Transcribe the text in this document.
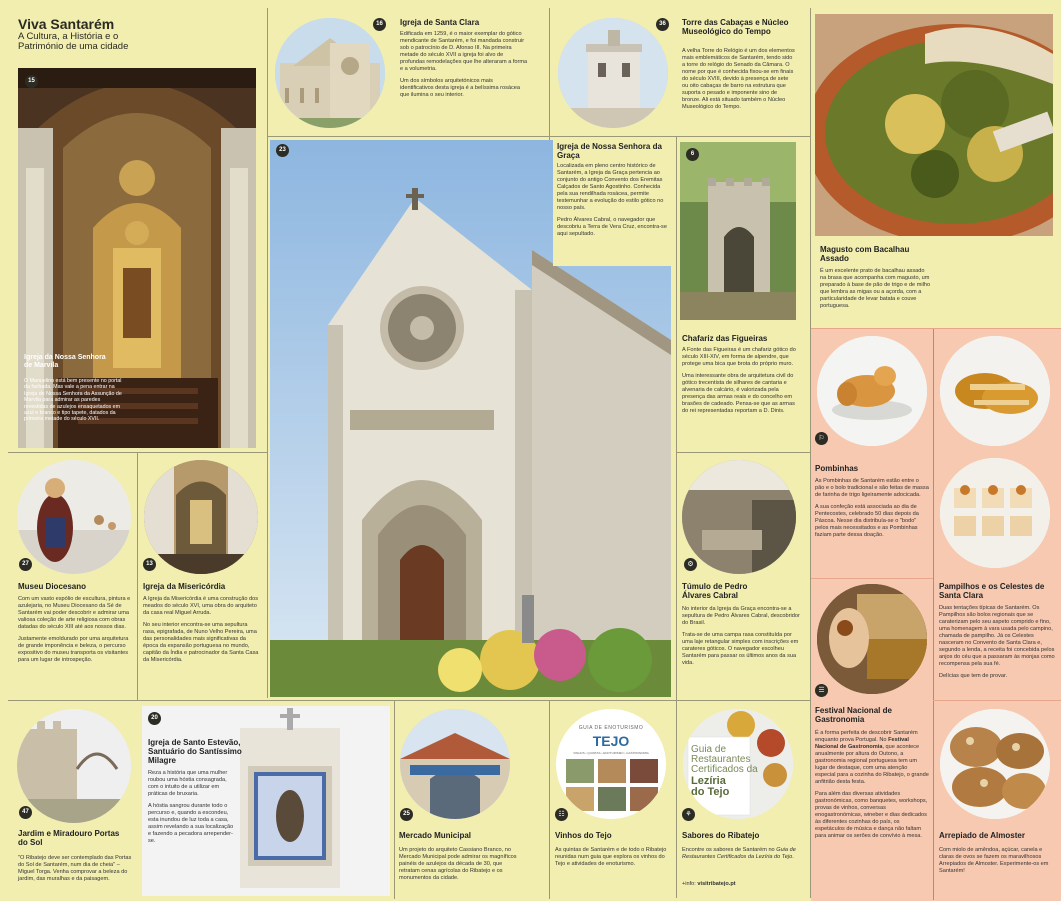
Viva Santarém
A Cultura, a História e o Património de uma cidade
15
Igreja da Nossa Senhora de Marvila
O Manuelino está bem presente no portal da fachada. Mas vale a pena entrar na Igreja de Nossa Senhora da Assunção de Marvila para admirar as paredes revestidas de azulejos enxaquetados em azul e branco e tipo tapete, datados da primeira metade do século XVII.
16	Igreja de Santa Clara

Edificada em 1259, é o maior exemplar do gótico mendicante de Santarém, e foi mandada construir sob o patrocínio de D. Afonso III. Na primeira metade do século XVII a igreja foi alvo de profundas remodelações que lhe alteraram a forma e a volumetria.

Um dos símbolos arquitetónicos mais identificativos desta igreja é a belíssima rosácea que ilumina o seu interior.

36	Torre das Cabaças e Núcleo Museológico do Tempo
A velha Torre do Relógio é um dos elementos mais emblemáticos de Santarém, tendo sido a torre do relógio do Senado da Câmara. O nome por que é conhecida fixou-se em finais do século XVIII, devido à presença de sete ou oito cabaças de barro na estrutura que suporta o pesado e imponente sino de bronze. Ali está situado também o Núcleo Museológico do Tempo.
23	Igreja de Nossa Senhora da Graça

Localizada em pleno centro histórico de Santarém, a Igreja da Graça pertencia ao conjunto do antigo Convento dos Eremitas Calçados de Santo Agostinho. Conhecida pela sua rendilhada rosácea, permite testemunhar a evolução do estilo gótico no nosso país.

Pedro Álvares Cabral, o navegador que descobriu a Terra de Vera Cruz, encontra-se aqui sepultado.

6
Chafariz das Figueiras

A Fonte das Figueiras é um chafariz gótico do século XIII-XIV, em forma de alpendre, que protege uma bica que brota do próprio muro.

Uma interessante obra de arquitetura civil do gótico trecentista de silhares de cantaria e alvenaria de calcário, é valorizada pela presença das armas reais e do concelho em brasões de cadeado. Pensa-se que as armas do rei representadas reportam a D. Dinis.

Magusto com Bacalhau Assado
É um excelente prato de bacalhau assado na brasa que acompanha com magusto, um preparado à base de pão de trigo e de milho que lembra as migas ou a açorda, com a particularidade de levar batata e couve portuguesa.
27
Museu Diocesano

Com um vasto espólio de escultura, pintura e azulejaria, no Museu Diocesano da Sé de Santarém vai poder descobrir e admirar uma valiosa coleção de arte religiosa com obras datadas do século XIII até aos nossos dias.

Justamente emoldurado por uma arquitetura de grande imponência e beleza, o percurso expositivo do museu transporta os visitantes para um lugar de introspeção.

13
Igreja da Misericórdia

A Igreja da Misericórdia é uma construção dos meados do século XVI, uma obra do arquiteto da casa real Miguel Arruda.

No seu interior encontra-se uma sepultura rasa, epigrafada, de Nuno Velho Pereira, uma das personalidades mais significativas da época da expansão portuguesa no mundo, capitão da Índia e patrocinador da Santa Casa da Misericórdia.

⚙
Túmulo de Pedro Álvares Cabral

No interior da Igreja da Graça encontra-se a sepultura de Pedro Álvares Cabral, descobridor do Brasil.

Trata-se de uma campa rasa constituída por uma laje retangular simples com inscrições em carateres góticos. O navegador escolheu Santarém para passar os últimos anos da sua vida.

⚐
Pombinhas

As Pombinhas de Santarém estão entre o pão e o bolo tradicional e são feitas de massa de farinha de trigo ligeiramente adocicada.

A sua confeção está associada ao dia de Pentecostes, celebrado 50 dias depois da Páscoa. Nesse dia distribuía-se o "bodo" pelos mais necessitados e as Pombinhas faziam parte dessa doação.

Pampilhos e os Celestes de Santa Clara

Duas tentações típicas de Santarém. Os Pampilhos são bolos regionais que se caraterizam pelo seu aspeto comprido e fino, uma homenagem à vara usada pelo campino, chamada de pampilho. Já os Celestes nasceram no Convento de Santa Clara e, segundo a lenda, a receita foi concebida pelos anjos do céu que a passaram às monjas como recompensa pela sua fé.

Delícias que tem de provar.

☰
Festival Nacional de Gastronomia

É a forma perfeita de descobrir Santarém enquanto prova Portugal. No Festival Nacional de Gastronomia, que acontece anualmente por altura do Outono, a gastronomia regional portuguesa tem um lugar de destaque, com uma atenção especial para a cozinha do Ribatejo, o grande anfitrião desta festa.

Para além das diversas atividades gastronómicas, como banquetes, workshops, provas de vinhos, conversas enogastronómicas, wineber e dias dedicados às diferentes cozinhas do país, os espetáculos de música e dança não faltam para animar os serões de convívio à mesa.

47
Jardim e Miradouro Portas do Sol
"O Ribatejo deve ser contemplado das Portas do Sol de Santarém, num dia de cheia" – Miguel Torga. Venha comprovar a beleza do jardim, das muralhas e da paisagem.
20
Igreja de Santo Estevão, Santuário do Santíssimo Milagre

Reza a história que uma mulher roubou uma hóstia consagrada, com o intuito de a utilizar em práticas de bruxaria.

A hóstia sangrou durante todo o percurso e, quando a escondeu, esta inundou de luz toda a casa, assim revelando a sua localização e fazendo a pecadora arrepender-se.

25
Mercado Municipal
Um projeto do arquiteto Cassiano Branco, no Mercado Municipal pode admirar os magníficos painéis de azulejos da década de 30, que retratam cenas agrícolas do Ribatejo e os monumentos da cidade.
GUIA DE ENOTURISMO
TEJO
VINHOS • QUINTAS • ENOTURISMO • GASTRONOMIA
☷
Vinhos do Tejo
As quintas de Santarém e de todo o Ribatejo reunidas num guia que explora os vinhos do Tejo e atividades de enoturismo.
Guia de
Restaurantes
Certificados da
Lezíria
do Tejo
⚘
Sabores do Ribatejo
Encontre os sabores de Santarém no Guia de Restaurantes Certificados da Lezíria do Tejo.
+info: visitribatejo.pt
Arrepiado de Almoster
Com miolo de amêndoa, açúcar, canela e claras de ovos se fazem os maravilhosos Arrepiados de Almoster. Experimente-os em Santarém!
